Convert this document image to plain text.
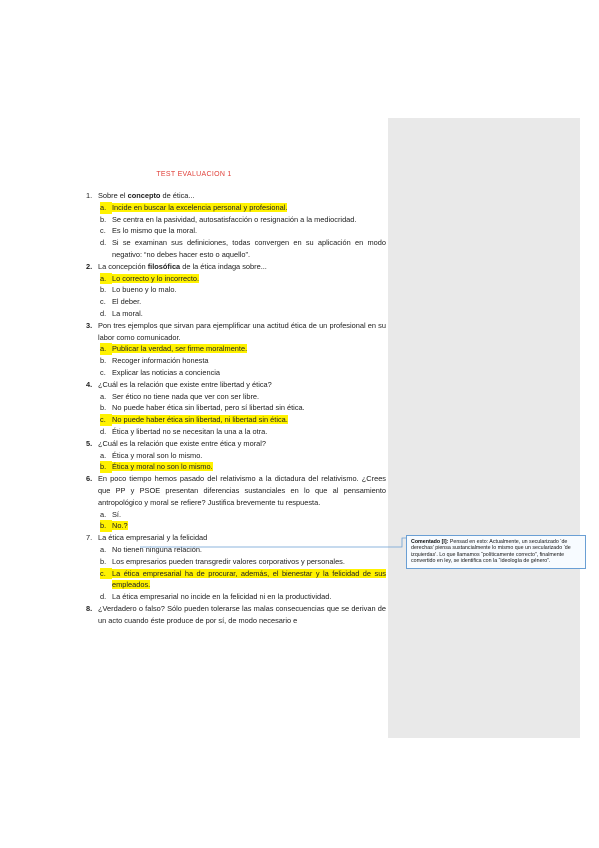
TEST EVALUACION 1
1. Sobre el concepto de ética...
a. Incide en buscar la excelencia personal y profesional.
b. Se centra en la pasividad, autosatisfacción o resignación a la mediocridad.
c. Es lo mismo que la moral.
d. Si se examinan sus definiciones, todas convergen en su aplicación en modo negativo: “no debes hacer esto o aquello”.
2. La concepción filosófica de la ética indaga sobre...
a. Lo correcto y lo incorrecto.
b. Lo bueno y lo malo.
c. El deber.
d. La moral.
3. Pon tres ejemplos que sirvan para ejemplificar una actitud ética de un profesional en su labor como comunicador.
a. Publicar la verdad, ser firme moralmente.
b. Recoger información honesta
c. Explicar las noticias a conciencia
4. ¿Cuál es la relación que existe entre libertad y ética?
a. Ser ético no tiene nada que ver con ser libre.
b. No puede haber ética sin libertad, pero sí libertad sin ética.
c. No puede haber ética sin libertad, ni libertad sin ética.
d. Ética y libertad no se necesitan la una a la otra.
5. ¿Cuál es la relación que existe entre ética y moral?
a. Ética y moral son lo mismo.
b. Ética y moral no son lo mismo.
6. En poco tiempo hemos pasado del relativismo a la dictadura del relativismo. ¿Crees que PP y PSOE presentan diferencias sustanciales en lo que al pensamiento antropológico y moral se refiere? Justifica brevemente tu respuesta.
a. Sí.
b. No.?
7. La ética empresarial y la felicidad
a. No tienen ninguna relación.
b. Los empresarios pueden transgredir valores corporativos y personales.
c. La ética empresarial ha de procurar, además, el bienestar y la felicidad de sus empleados.
d. La ética empresarial no incide en la felicidad ni en la productividad.
8. ¿Verdadero o falso? Sólo pueden tolerarse las malas consecuencias que se derivan de un acto cuando éste produce de por sí, de modo necesario e
Comentado [I]: Pensad en esto: Actualmente, un secularizado ‘de derechas’ piensa sustancialmente lo mismo que un secularizado ‘de izquierdas’. Lo que llamamos “políticamente correcto”, finalmente convertido en ley, se identifica con la “ideología de género”.
